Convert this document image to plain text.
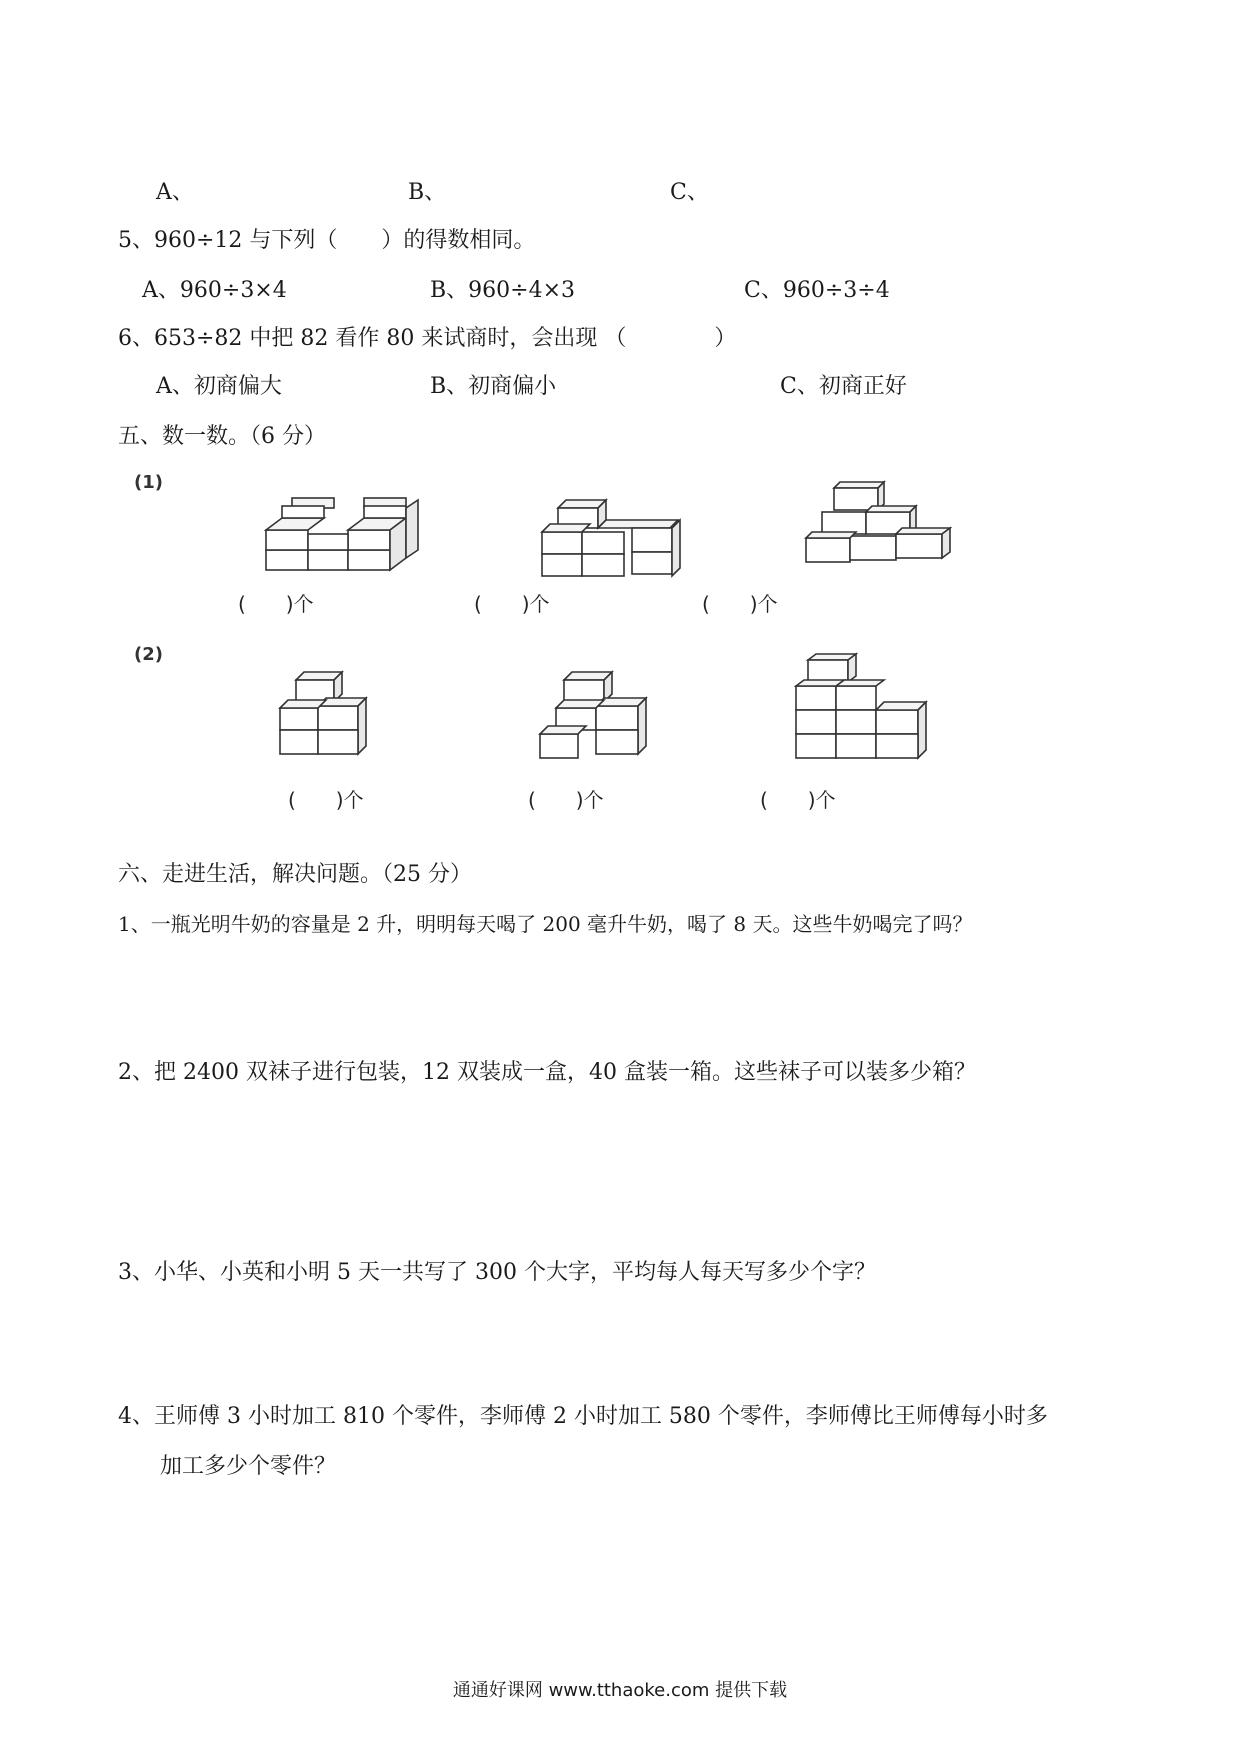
A、	B、	C、
5、960÷12 与下列（　　）的得数相同。
A、960÷3×4	B、960÷4×3	C、960÷3÷4
6、653÷82 中把 82 看作 80 来试商时，会出现 （　　　　）
A、初商偏大	B、初商偏小	C、初商正好
五、数一数。（6 分）
(1)
(2)
(　　)个	(　　)个	(　　)个
(　　)个	(　　)个	(　　)个
六、走进生活，解决问题。（25 分）
1、一瓶光明牛奶的容量是 2 升，明明每天喝了 200 毫升牛奶，喝了 8 天。这些牛奶喝完了吗？
2、把 2400 双袜子进行包装，12 双装成一盒，40 盒装一箱。这些袜子可以装多少箱？
3、小华、小英和小明 5 天一共写了 300 个大字，平均每人每天写多少个字？
4、王师傅 3 小时加工 810 个零件，李师傅 2 小时加工 580 个零件，李师傅比王师傅每小时多
加工多少个零件？
通通好课网 www.tthaoke.com 提供下载
